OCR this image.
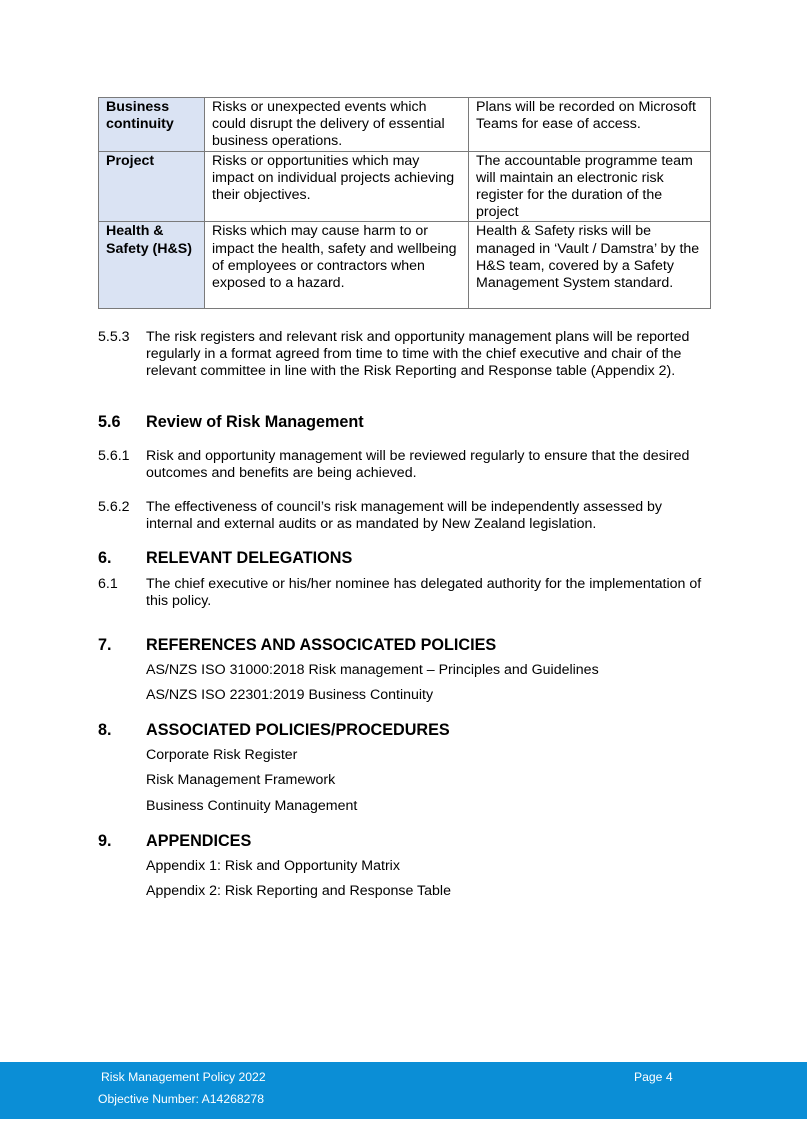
Business continuity	Risks or unexpected events which could disrupt the delivery of essential business operations.	Plans will be recorded on Microsoft Teams for ease of access.
Project	Risks or opportunities which may impact on individual projects achieving their objectives.	The accountable programme team will maintain an electronic risk register for the duration of the project
Health & Safety (H&S)	Risks which may cause harm to or impact the health, safety and wellbeing of employees or contractors when exposed to a hazard.	Health & Safety risks will be managed in ‘Vault / Damstra’ by the H&S team, covered by a Safety Management System standard.
5.5.3 The risk registers and relevant risk and opportunity management plans will be reported regularly in a format agreed from time to time with the chief executive and chair of the relevant committee in line with the Risk Reporting and Response table (Appendix 2).
5.6 Review of Risk Management
5.6.1 Risk and opportunity management will be reviewed regularly to ensure that the desired outcomes and benefits are being achieved.
5.6.2 The effectiveness of council’s risk management will be independently assessed by internal and external audits or as mandated by New Zealand legislation.
6. RELEVANT DELEGATIONS
6.1 The chief executive or his/her nominee has delegated authority for the implementation of this policy.
7. REFERENCES AND ASSOCICATED POLICIES
AS/NZS ISO 31000:2018 Risk management – Principles and Guidelines
AS/NZS ISO 22301:2019 Business Continuity
8. ASSOCIATED POLICIES/PROCEDURES
Corporate Risk Register
Risk Management Framework
Business Continuity Management
9. APPENDICES
Appendix 1: Risk and Opportunity Matrix
Appendix 2: Risk Reporting and Response Table
Risk Management Policy 2022
Objective Number: A14268278
Page 4
